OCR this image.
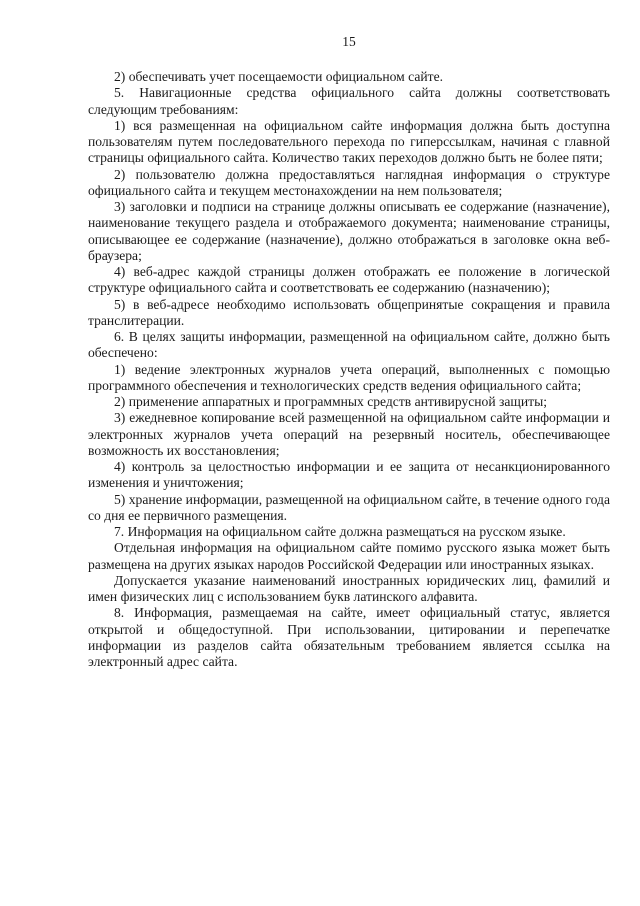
15

2) обеспечивать учет посещаемости официальном сайте.

5. Навигационные средства официального сайта должны соответствовать следующим требованиям:

1) вся размещенная на официальном сайте информация должна быть доступна пользователям путем последовательного перехода по гиперссылкам, начиная с главной страницы официального сайта. Количество таких переходов должно быть не более пяти;

2) пользователю должна предоставляться наглядная информация о структуре официального сайта и текущем местонахождении на нем пользователя;

3) заголовки и подписи на странице должны описывать ее содержание (назначение), наименование текущего раздела и отображаемого документа; наименование страницы, описывающее ее содержание (назначение), должно отображаться в заголовке окна веб-браузера;

4) веб-адрес каждой страницы должен отображать ее положение в логической структуре официального сайта и соответствовать ее содержанию (назначению);

5) в веб-адресе необходимо использовать общепринятые сокращения и правила транслитерации.

6. В целях защиты информации, размещенной на официальном сайте, должно быть обеспечено:

1) ведение электронных журналов учета операций, выполненных с помощью программного обеспечения и технологических средств ведения официального сайта;

2) применение аппаратных и программных средств антивирусной защиты;

3) ежедневное копирование всей размещенной на официальном сайте информации и электронных журналов учета операций на резервный носитель, обеспечивающее возможность их восстановления;

4) контроль за целостностью информации и ее защита от несанкционированного изменения и уничтожения;

5) хранение информации, размещенной на официальном сайте, в течение одного года со дня ее первичного размещения.

7. Информация на официальном сайте должна размещаться на русском языке.

Отдельная информация на официальном сайте помимо русского языка может быть размещена на других языках народов Российской Федерации или иностранных языках.

Допускается указание наименований иностранных юридических лиц, фамилий и имен физических лиц с использованием букв латинского алфавита.

8. Информация, размещаемая на сайте, имеет официальный статус, является открытой и общедоступной. При использовании, цитировании и перепечатке информации из разделов сайта обязательным требованием является ссылка на электронный адрес сайта.
